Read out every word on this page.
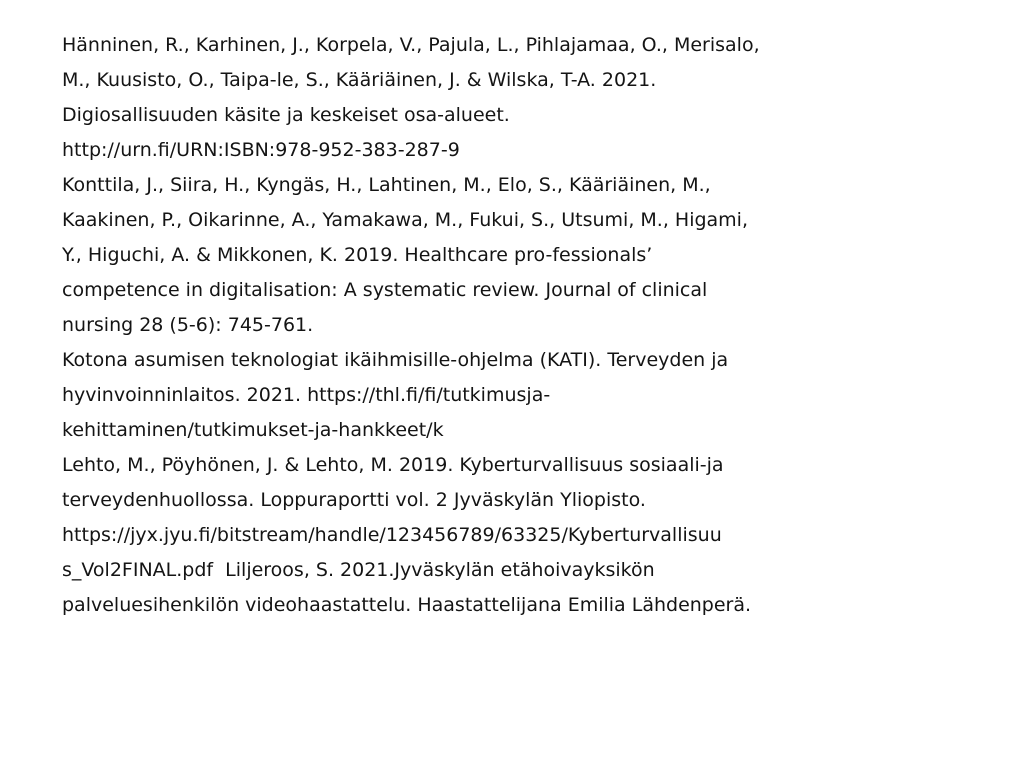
Hänninen, R., Karhinen, J., Korpela, V., Pajula, L., Pihlajamaa, O., Merisalo,
M., Kuusisto, O., Taipa-le, S., Kääriäinen, J. & Wilska, T-A. 2021.
Digiosallisuuden käsite ja keskeiset osa-alueet.
http://urn.fi/URN:ISBN:978-952-383-287-9
Konttila, J., Siira, H., Kyngäs, H., Lahtinen, M., Elo, S., Kääriäinen, M.,
Kaakinen, P., Oikarinne, A., Yamakawa, M., Fukui, S., Utsumi, M., Higami,
Y., Higuchi, A. & Mikkonen, K. 2019. Healthcare pro-fessionals’
competence in digitalisation: A systematic review. Journal of clinical
nursing 28 (5-6): 745-761.
Kotona asumisen teknologiat ikäihmisille-ohjelma (KATI). Terveyden ja
hyvinvoinninlaitos. 2021. https://thl.fi/fi/tutkimusja-
kehittaminen/tutkimukset-ja-hankkeet/k
Lehto, M., Pöyhönen, J. & Lehto, M. 2019. Kyberturvallisuus sosiaali-ja
terveydenhuollossa. Loppuraportti vol. 2 Jyväskylän Yliopisto.
https://jyx.jyu.fi/bitstream/handle/123456789/63325/Kyberturvallisuu
s_Vol2FINAL.pdf  Liljeroos, S. 2021.Jyväskylän etähoivayksikön
palveluesihenkilön videohaastattelu. Haastattelijana Emilia Lähdenperä.
